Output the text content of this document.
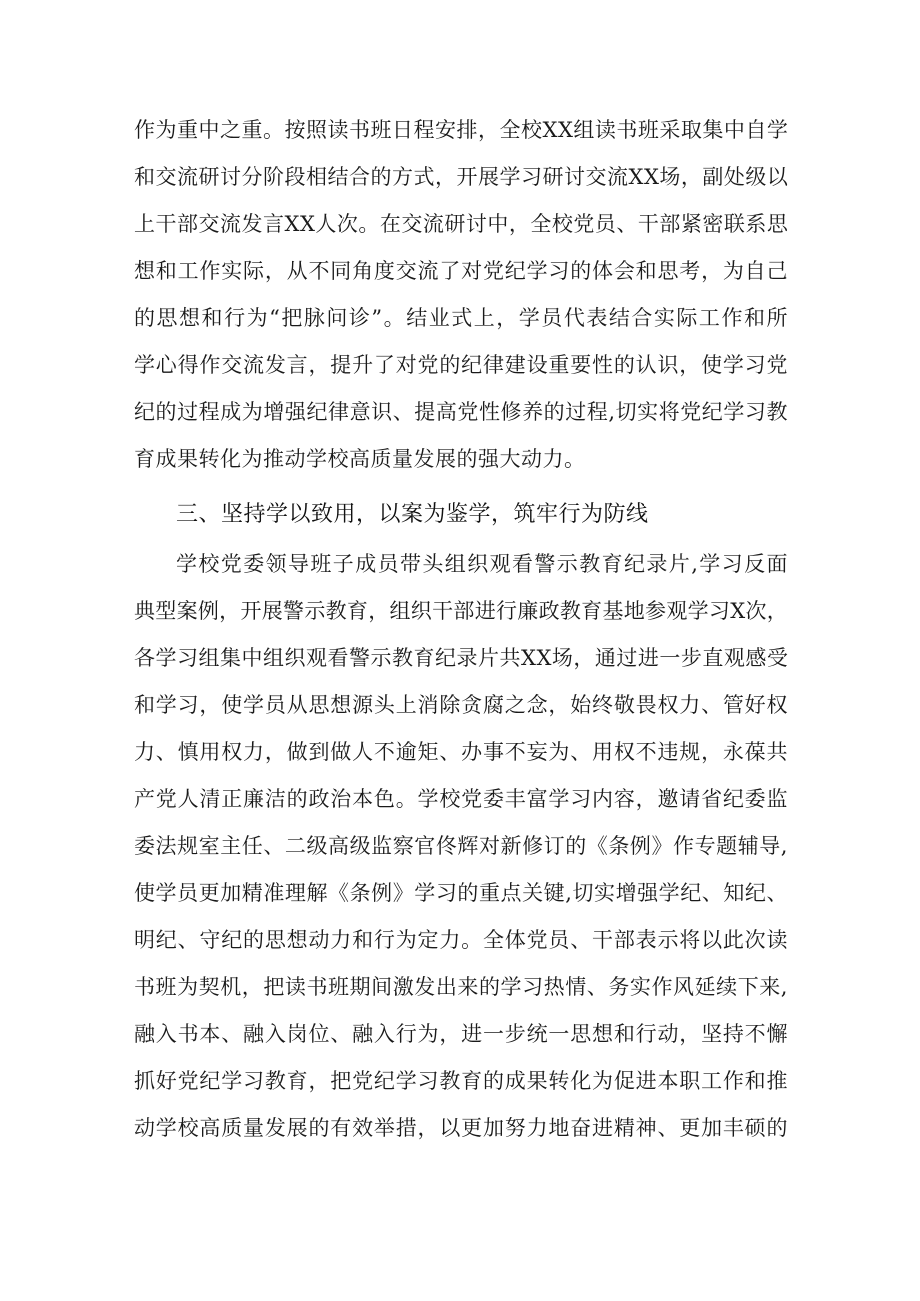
作为重中之重。按照读书班日程安排，全校XX组读书班采取集中自学
和交流研讨分阶段相结合的方式，开展学习研讨交流XX场，副处级以
上干部交流发言XX人次。在交流研讨中，全校党员、干部紧密联系思
想和工作实际，从不同角度交流了对党纪学习的体会和思考，为自己
的思想和行为“把脉问诊”。结业式上，学员代表结合实际工作和所
学心得作交流发言，提升了对党的纪律建设重要性的认识，使学习党
纪的过程成为增强纪律意识、提高党性修养的过程,切实将党纪学习教
育成果转化为推动学校高质量发展的强大动力。
三、坚持学以致用，以案为鉴学，筑牢行为防线
学校党委领导班子成员带头组织观看警示教育纪录片,学习反面
典型案例，开展警示教育，组织干部进行廉政教育基地参观学习X次，
各学习组集中组织观看警示教育纪录片共XX场，通过进一步直观感受
和学习，使学员从思想源头上消除贪腐之念，始终敬畏权力、管好权
力、慎用权力，做到做人不逾矩、办事不妄为、用权不违规，永葆共
产党人清正廉洁的政治本色。学校党委丰富学习内容，邀请省纪委监
委法规室主任、二级高级监察官佟辉对新修订的《条例》作专题辅导,
使学员更加精准理解《条例》学习的重点关键,切实增强学纪、知纪、
明纪、守纪的思想动力和行为定力。全体党员、干部表示将以此次读
书班为契机，把读书班期间激发出来的学习热情、务实作风延续下来,
融入书本、融入岗位、融入行为，进一步统一思想和行动，坚持不懈
抓好党纪学习教育，把党纪学习教育的成果转化为促进本职工作和推
动学校高质量发展的有效举措，以更加努力地奋进精神、更加丰硕的
